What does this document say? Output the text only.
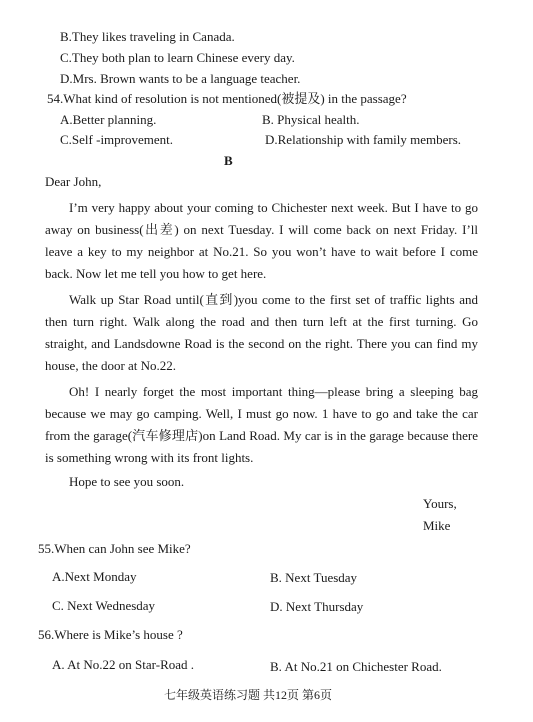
B.They likes traveling in Canada.
C.They both plan to learn Chinese every day.
D.Mrs. Brown wants to be a language teacher.
54.What kind of resolution is not mentioned(被提及) in the passage?
A.Better planning.	B. Physical health.
C.Self -improvement.	D.Relationship with family members.
B
Dear John,
I’m very happy about your coming to Chichester next week. But I have to go
away on business(出差) on next Tuesday. I will come back on next Friday. I’ll
leave a key to my neighbor at No.21. So you won’t have to wait before I come
back. Now let me tell you how to get here.
Walk up Star Road until(直到)you come to the first set of traffic lights and
then turn right. Walk along the road and then turn left at the first turning. Go
straight, and Landsdowne Road is the second on the right. There you can find my
house, the door at No.22.
Oh! I nearly forget the most important thing—please bring a sleeping bag
because we may go camping. Well, I must go now. 1 have to go and take the car
from the garage(汽车修理店)on Land Road. My car is in the garage because there
is something wrong with its front lights.
Hope to see you soon.
Yours,
Mike
55.When can John see Mike?
A.Next Monday	B. Next Tuesday
C. Next Wednesday	D. Next Thursday
56.Where is Mike’s house ?
A. At No.22 on Star-Road .	B. At No.21 on Chichester Road.
七年级英语练习题 共12页 第6页
